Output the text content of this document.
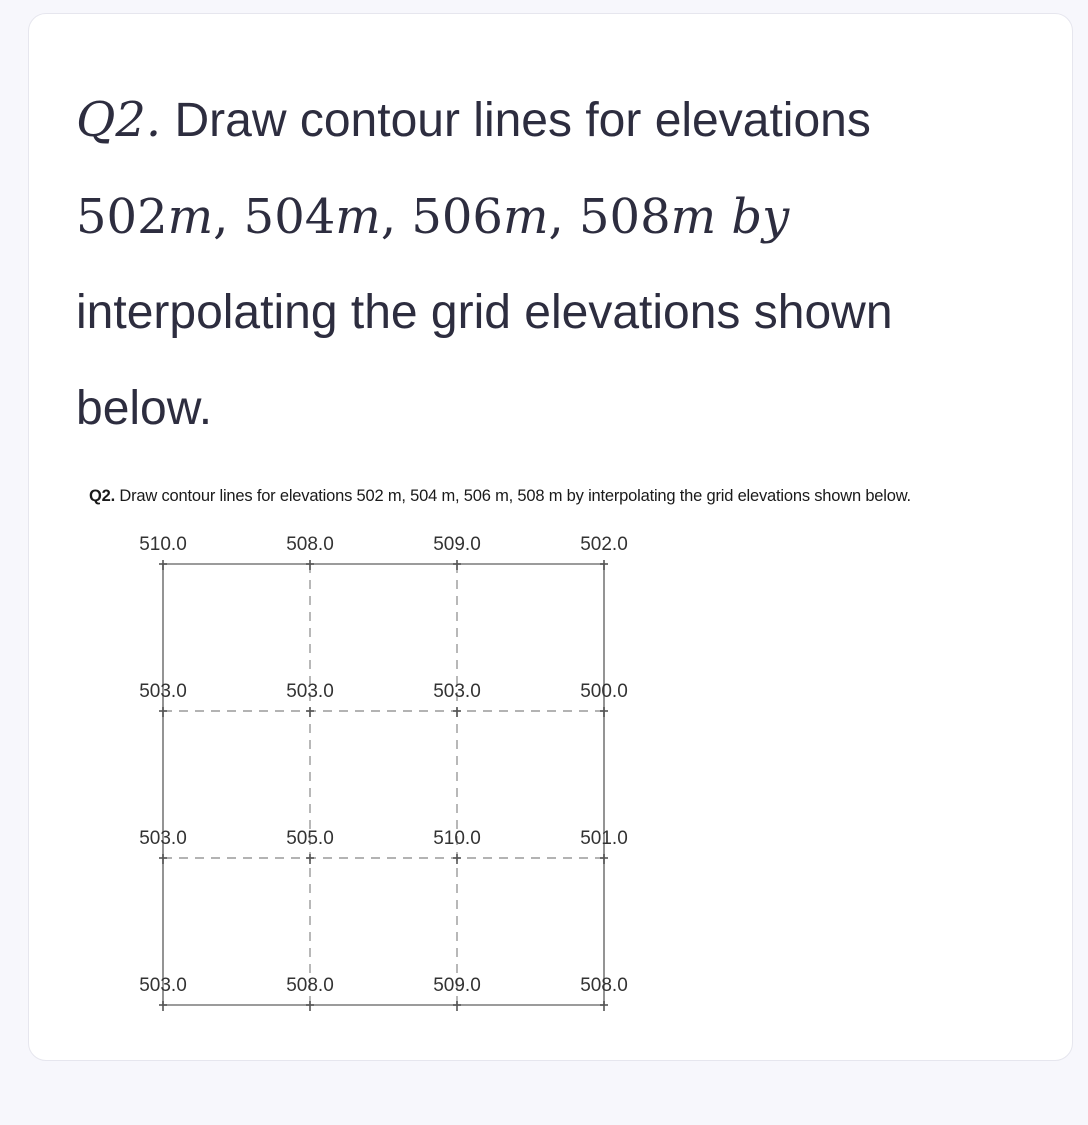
Q2. Draw contour lines for elevations
502m, 504m, 506m, 508m by
interpolating the grid elevations shown
below.
Q2. Draw contour lines for elevations 502 m, 504 m, 506 m, 508 m by interpolating the grid elevations shown below.
510.0	508.0	509.0	502.0
503.0	503.0	503.0	500.0
503.0	505.0	510.0	501.0
503.0	508.0	509.0	508.0
